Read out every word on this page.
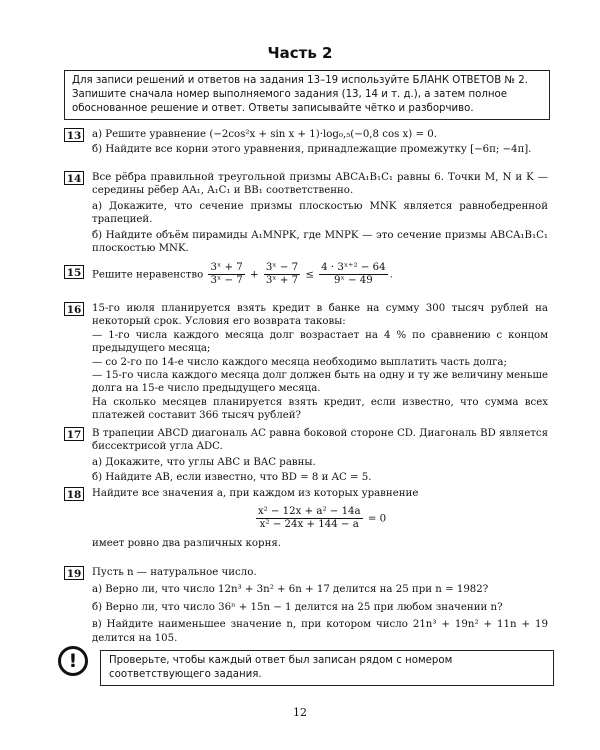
Часть 2
Для записи решений и ответов на задания 13–19 используйте БЛАНК ОТВЕТОВ № 2. Запишите сначала номер выполняемого задания (13, 14 и т. д.), а затем полное обоснованное решение и ответ. Ответы записывайте чётко и разборчиво.
13 а) Решите уравнение (−2cos²x + sin x + 1)·log₀,₅(−0,8 cos x) = 0.

б) Найдите все корни этого уравнения, принадлежащие промежутку [−6π; −4π].

14 Все рёбра правильной треугольной призмы ABCA₁B₁C₁ равны 6. Точки M, N и K — середины рёбер AA₁, A₁C₁ и BB₁ соответственно.

а) Докажите, что сечение призмы плоскостью MNK является равнобедренной трапецией.

б) Найдите объём пирамиды A₁MNPK, где MNPK — это сечение призмы ABCA₁B₁C₁ плоскостью MNK.

15 Решите неравенство $\frac{\text{3ˣ + 7}}{\text{3ˣ − 7}} + \frac{\text{3ˣ − 7}}{\text{3ˣ + 7}} \le \frac{\text{4 · 3ˣ⁺² − 64}}{\text{9ˣ − 49}}$ .
16 15-го июля планируется взять кредит в банке на сумму 300 тысяч рублей на некоторый срок. Условия его возврата таковы:

— 1-го числа каждого месяца долг возрастает на 4 % по сравнению с концом предыдущего месяца;

— со 2-го по 14-е число каждого месяца необходимо выплатить часть долга;

— 15-го числа каждого месяца долг должен быть на одну и ту же величину меньше долга на 15-е число предыдущего месяца.

На сколько месяцев планируется взять кредит, если известно, что сумма всех платежей составит 366 тысяч рублей?

17 В трапеции ABCD диагональ AC равна боковой стороне CD. Диагональ BD является биссектрисой угла ADC.

а) Докажите, что углы ABC и BAC равны.

б) Найдите AB, если известно, что BD = 8 и AC = 5.

18 Найдите все значения a, при каждом из которых уравнение

$\frac{\text{x² − 12x + a² − 14a}}{\text{x² − 24x + 144 − a}} = 0$

имеет ровно два различных корня.

19 Пусть n — натуральное число.

а) Верно ли, что число 12n³ + 3n² + 6n + 17 делится на 25 при n = 1982?

б) Верно ли, что число 36ⁿ + 15n − 1 делится на 25 при любом значении n?

в) Найдите наименьшее значение n, при котором число 21n³ + 19n² + 11n + 19 делится на 105.

!	Проверьте, чтобы каждый ответ был записан рядом с номером соответствующего задания.
12
